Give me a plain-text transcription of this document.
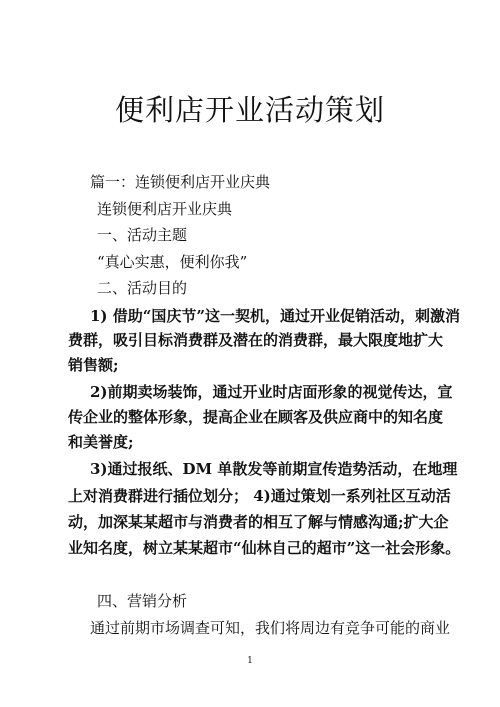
便利店开业活动策划
篇一：连锁便利店开业庆典
连锁便利店开业庆典
一、活动主题
“真心实惠，便利你我”
二、活动目的
1) 借助“国庆节”这一契机，通过开业促销活动，刺激消
费群，吸引目标消费群及潜在的消费群，最大限度地扩大
销售额;
2)前期卖场装饰，通过开业时店面形象的视觉传达，宣
传企业的整体形象，提高企业在顾客及供应商中的知名度
和美誉度;
3)通过报纸、DM 单散发等前期宣传造势活动，在地理
上对消费群进行插位划分； 4)通过策划一系列社区互动活
动，加深某某超市与消费者的相互了解与情感沟通;扩大企
业知名度，树立某某超市“仙林自己的超市”这一社会形象。
四、营销分析
通过前期市场调查可知，我们将周边有竞争可能的商业
1
